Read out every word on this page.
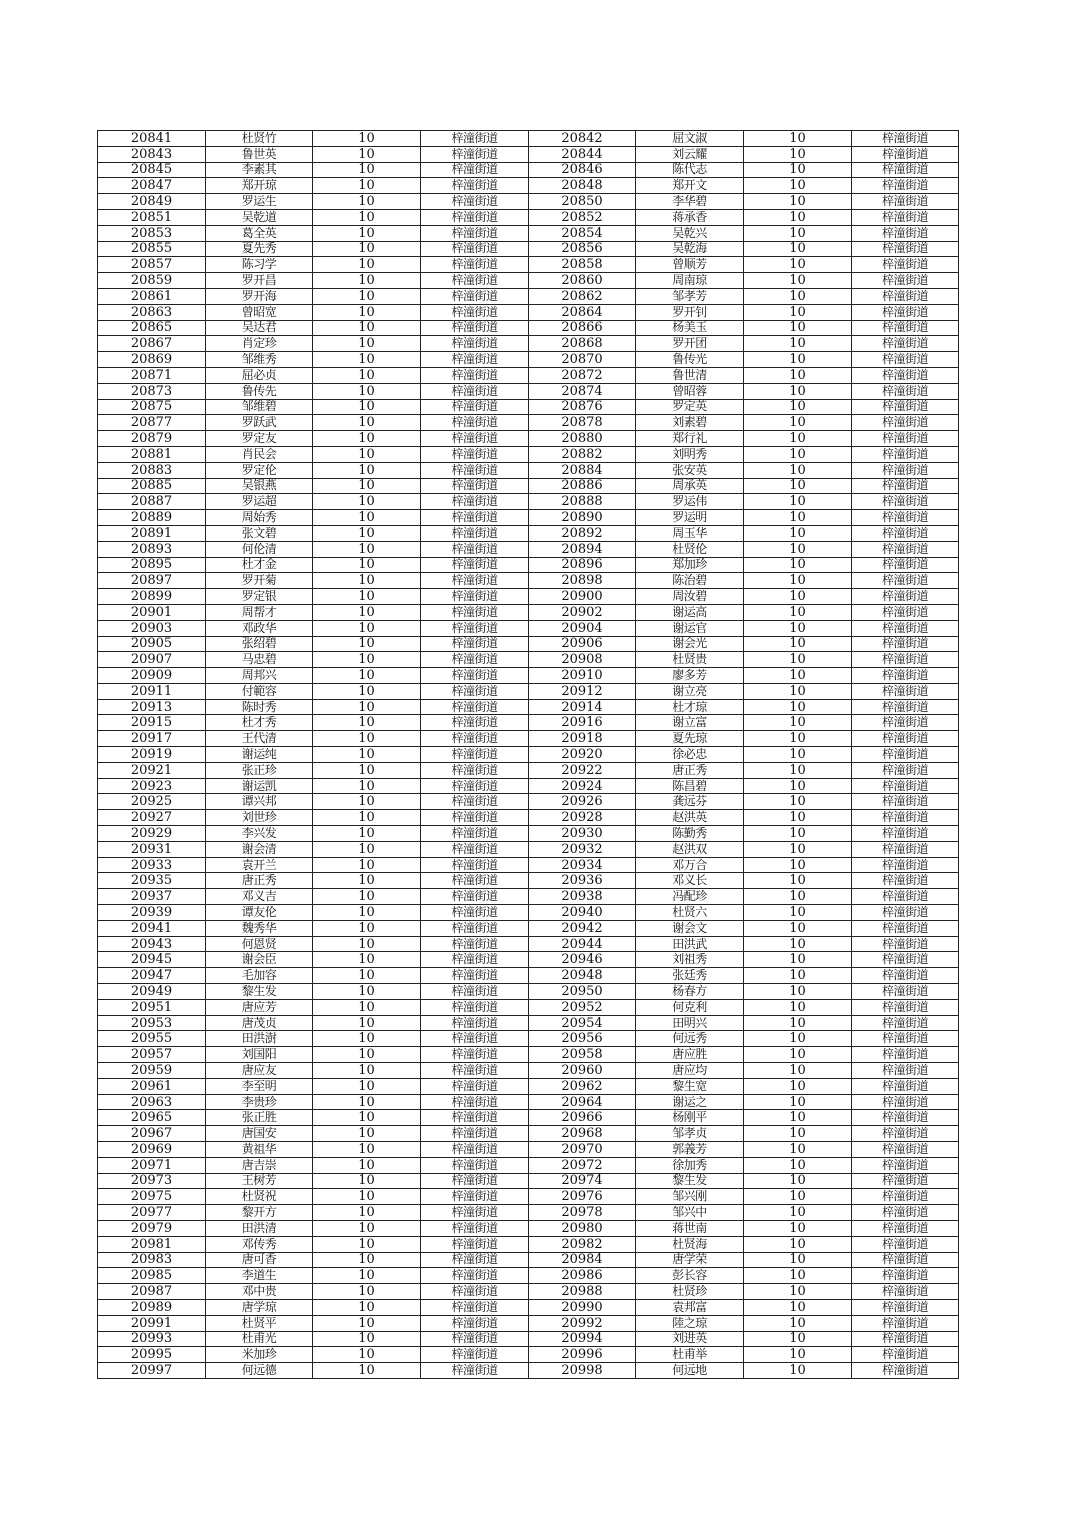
20841	杜贤竹	10	梓潼街道	20842	屈文淑	10	梓潼街道
20843	鲁世英	10	梓潼街道	20844	刘云耀	10	梓潼街道
20845	李素其	10	梓潼街道	20846	陈代志	10	梓潼街道
20847	郑开琼	10	梓潼街道	20848	郑开文	10	梓潼街道
20849	罗运生	10	梓潼街道	20850	李华碧	10	梓潼街道
20851	吴乾道	10	梓潼街道	20852	蒋承香	10	梓潼街道
20853	葛全英	10	梓潼街道	20854	吴乾兴	10	梓潼街道
20855	夏先秀	10	梓潼街道	20856	吴乾海	10	梓潼街道
20857	陈习学	10	梓潼街道	20858	曾顺芳	10	梓潼街道
20859	罗开昌	10	梓潼街道	20860	周南琼	10	梓潼街道
20861	罗开海	10	梓潼街道	20862	邹孝芳	10	梓潼街道
20863	曾昭宽	10	梓潼街道	20864	罗开钊	10	梓潼街道
20865	吴达君	10	梓潼街道	20866	杨美玉	10	梓潼街道
20867	肖定珍	10	梓潼街道	20868	罗开团	10	梓潼街道
20869	邹维秀	10	梓潼街道	20870	鲁传光	10	梓潼街道
20871	屈必贞	10	梓潼街道	20872	鲁世清	10	梓潼街道
20873	鲁传先	10	梓潼街道	20874	曾昭蓉	10	梓潼街道
20875	邹维碧	10	梓潼街道	20876	罗定英	10	梓潼街道
20877	罗跃武	10	梓潼街道	20878	刘素碧	10	梓潼街道
20879	罗定友	10	梓潼街道	20880	郑行礼	10	梓潼街道
20881	肖民会	10	梓潼街道	20882	刘明秀	10	梓潼街道
20883	罗定伦	10	梓潼街道	20884	张安英	10	梓潼街道
20885	吴银燕	10	梓潼街道	20886	周承英	10	梓潼街道
20887	罗运超	10	梓潼街道	20888	罗运伟	10	梓潼街道
20889	周始秀	10	梓潼街道	20890	罗运明	10	梓潼街道
20891	张文碧	10	梓潼街道	20892	周玉华	10	梓潼街道
20893	何伦清	10	梓潼街道	20894	杜贤伦	10	梓潼街道
20895	杜才金	10	梓潼街道	20896	郑加珍	10	梓潼街道
20897	罗开菊	10	梓潼街道	20898	陈治碧	10	梓潼街道
20899	罗定银	10	梓潼街道	20900	周汝碧	10	梓潼街道
20901	周帮才	10	梓潼街道	20902	谢运高	10	梓潼街道
20903	邓政华	10	梓潼街道	20904	谢运官	10	梓潼街道
20905	张绍碧	10	梓潼街道	20906	谢会光	10	梓潼街道
20907	马忠碧	10	梓潼街道	20908	杜贤贵	10	梓潼街道
20909	周邦兴	10	梓潼街道	20910	廖多芳	10	梓潼街道
20911	付範容	10	梓潼街道	20912	谢立亮	10	梓潼街道
20913	陈时秀	10	梓潼街道	20914	杜才琼	10	梓潼街道
20915	杜才秀	10	梓潼街道	20916	谢立富	10	梓潼街道
20917	王代清	10	梓潼街道	20918	夏先琼	10	梓潼街道
20919	谢运纯	10	梓潼街道	20920	徐必忠	10	梓潼街道
20921	张正珍	10	梓潼街道	20922	唐正秀	10	梓潼街道
20923	谢运凯	10	梓潼街道	20924	陈昌碧	10	梓潼街道
20925	谭兴邦	10	梓潼街道	20926	龚远芬	10	梓潼街道
20927	刘世珍	10	梓潼街道	20928	赵洪英	10	梓潼街道
20929	李兴发	10	梓潼街道	20930	陈勤秀	10	梓潼街道
20931	谢会清	10	梓潼街道	20932	赵洪双	10	梓潼街道
20933	袁开兰	10	梓潼街道	20934	邓万合	10	梓潼街道
20935	唐正秀	10	梓潼街道	20936	邓义长	10	梓潼街道
20937	邓义吉	10	梓潼街道	20938	冯配珍	10	梓潼街道
20939	谭友伦	10	梓潼街道	20940	杜贤六	10	梓潼街道
20941	魏秀华	10	梓潼街道	20942	谢会文	10	梓潼街道
20943	何恩贤	10	梓潼街道	20944	田洪武	10	梓潼街道
20945	谢会臣	10	梓潼街道	20946	刘祖秀	10	梓潼街道
20947	毛加容	10	梓潼街道	20948	张廷秀	10	梓潼街道
20949	黎生发	10	梓潼街道	20950	杨春方	10	梓潼街道
20951	唐应芳	10	梓潼街道	20952	何克利	10	梓潼街道
20953	唐茂贞	10	梓潼街道	20954	田明兴	10	梓潼街道
20955	田洪澍	10	梓潼街道	20956	何远秀	10	梓潼街道
20957	刘国阳	10	梓潼街道	20958	唐应胜	10	梓潼街道
20959	唐应友	10	梓潼街道	20960	唐应均	10	梓潼街道
20961	李至明	10	梓潼街道	20962	黎生宽	10	梓潼街道
20963	李贵珍	10	梓潼街道	20964	谢运之	10	梓潼街道
20965	张正胜	10	梓潼街道	20966	杨刚平	10	梓潼街道
20967	唐国安	10	梓潼街道	20968	邹孝贞	10	梓潼街道
20969	黄祖华	10	梓潼街道	20970	郭義芳	10	梓潼街道
20971	唐吉崇	10	梓潼街道	20972	徐加秀	10	梓潼街道
20973	王树芳	10	梓潼街道	20974	黎生发	10	梓潼街道
20975	杜贤祝	10	梓潼街道	20976	邹兴刚	10	梓潼街道
20977	黎开方	10	梓潼街道	20978	邹兴中	10	梓潼街道
20979	田洪清	10	梓潼街道	20980	蒋世南	10	梓潼街道
20981	邓传秀	10	梓潼街道	20982	杜贤海	10	梓潼街道
20983	唐可香	10	梓潼街道	20984	唐学荣	10	梓潼街道
20985	李道生	10	梓潼街道	20986	彭长容	10	梓潼街道
20987	邓中贵	10	梓潼街道	20988	杜贤珍	10	梓潼街道
20989	唐学琼	10	梓潼街道	20990	袁邦富	10	梓潼街道
20991	杜贤平	10	梓潼街道	20992	陸之琼	10	梓潼街道
20993	杜甫光	10	梓潼街道	20994	刘进英	10	梓潼街道
20995	米加珍	10	梓潼街道	20996	杜甫举	10	梓潼街道
20997	何远德	10	梓潼街道	20998	何远地	10	梓潼街道
